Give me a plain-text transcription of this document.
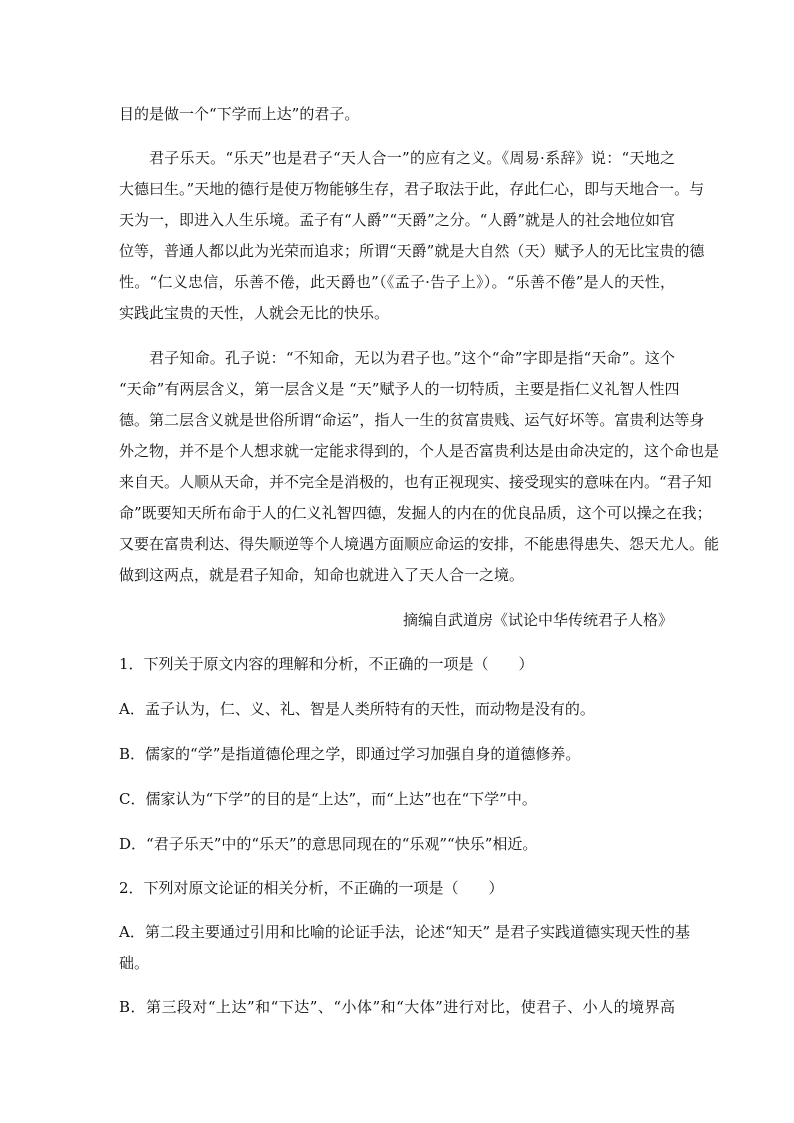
目的是做一个“下学而上达”的君子。
君子乐天。“乐天”也是君子“天人合一”的应有之义。《周易·系辞》说：“天地之
大德曰生。”天地的德行是使万物能够生存，君子取法于此，存此仁心，即与天地合一。与
天为一，即进入人生乐境。孟子有“人爵”“天爵”之分。“人爵”就是人的社会地位如官
位等，普通人都以此为光荣而追求；所谓“天爵”就是大自然（天）赋予人的无比宝贵的德
性。“仁义忠信，乐善不倦，此天爵也”（《孟子·告子上》）。“乐善不倦”是人的天性，
实践此宝贵的天性，人就会无比的快乐。
君子知命。孔子说：“不知命，无以为君子也。”这个“命”字即是指“天命”。这个
“天命”有两层含义，第一层含义是 “天”赋予人的一切特质，主要是指仁义礼智人性四
德。第二层含义就是世俗所谓“命运”，指人一生的贫富贵贱、运气好坏等。富贵利达等身
外之物，并不是个人想求就一定能求得到的，个人是否富贵利达是由命决定的，这个命也是
来自天。人顺从天命，并不完全是消极的，也有正视现实、接受现实的意味在内。“君子知
命”既要知天所布命于人的仁义礼智四德，发掘人的内在的优良品质，这个可以操之在我；
又要在富贵利达、得失顺逆等个人境遇方面顺应命运的安排，不能患得患失、怨天尤人。能
做到这两点，就是君子知命，知命也就进入了天人合一之境。
摘编自武道房《试论中华传统君子人格》
1．下列关于原文内容的理解和分析，不正确的一项是（　　）
A．孟子认为，仁、义、礼、智是人类所特有的天性，而动物是没有的。
B．儒家的“学”是指道德伦理之学，即通过学习加强自身的道德修养。
C．儒家认为“下学”的目的是“上达”，而“上达”也在“下学”中。
D．“君子乐天”中的“乐天”的意思同现在的“乐观”“快乐”相近。
2．下列对原文论证的相关分析，不正确的一项是（　　）
A．第二段主要通过引用和比喻的论证手法，论述“知天” 是君子实践道德实现天性的基
础。
B．第三段对“上达”和“下达”、“小体”和“大体”进行对比，使君子、小人的境界高
